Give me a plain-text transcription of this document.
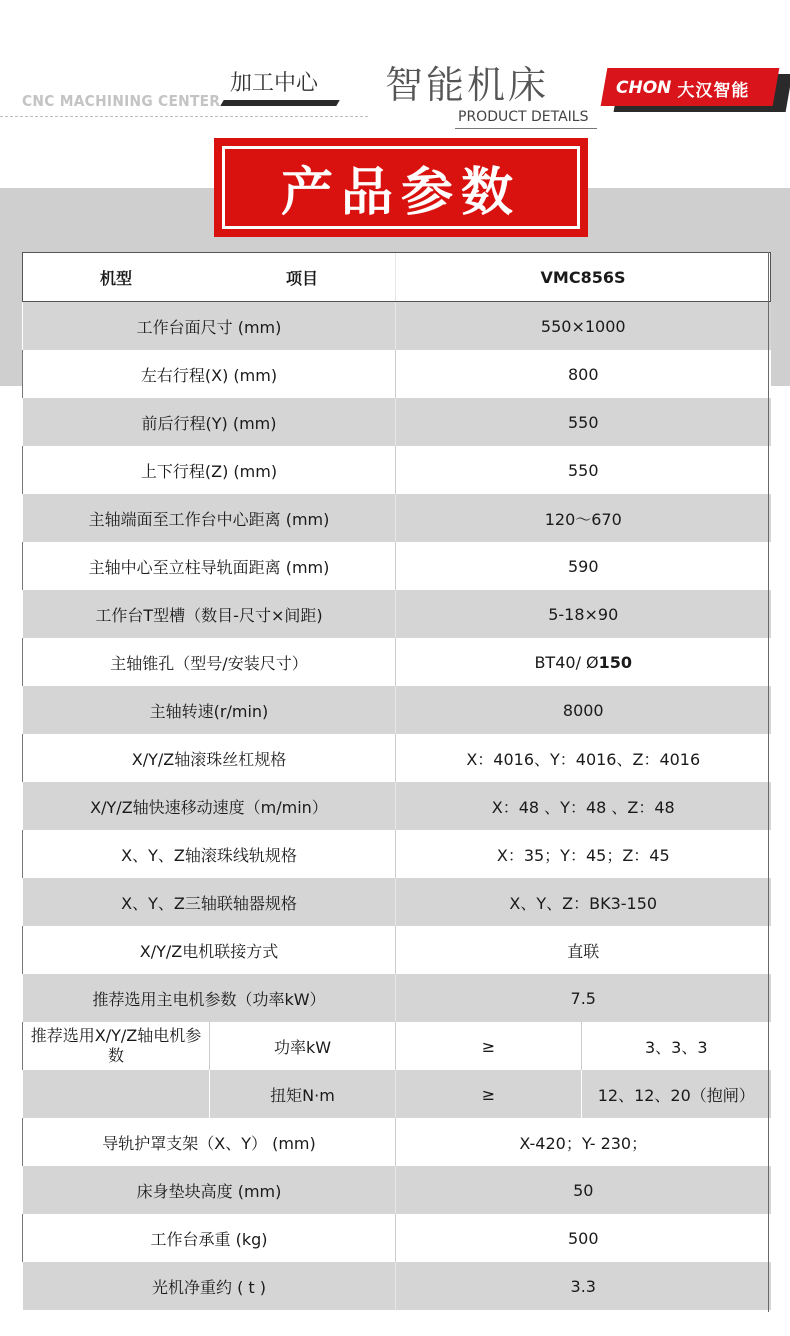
CNC MACHINING CENTER
加工中心 智能机床
PRODUCT DETAILS
CHON 大汉智能
产品参数
机型 项目		VMC856S	
工作台面尺寸 (mm)		550×1000	
左右行程(X) (mm)		800	
前后行程(Y) (mm)		550	
上下行程(Z) (mm)		550	
主轴端面至工作台中心距离 (mm)		120～670	
主轴中心至立柱导轨面距离 (mm)		590	
工作台T型槽（数目-尺寸×间距)		5-18×90	
主轴锥孔（型号/安装尺寸）		BT40/ Ø150	
主轴转速(r/min)		8000	
X/Y/Z轴滚珠丝杠规格		X：4016、Y：4016、Z：4016	
X/Y/Z轴快速移动速度（m/min）		X：48 、Y：48 、Z：48	
X、Y、Z轴滚珠线轨规格		X：35；Y：45；Z：45	
X、Y、Z三轴联轴器规格		X、Y、Z：BK3-150	
X/Y/Z电机联接方式		直联	
推荐选用主电机参数（功率kW）		7.5	
推荐选用X/Y/Z轴电机参数	功率kW	≥	3、3、3
	扭矩N·m	≥	12、12、20（抱闸）
导轨护罩支架（X、Y） (mm)		X-420；Y- 230；	
床身垫块高度 (mm)		50	
工作台承重 (kg)		500	
光机净重约 ( t )		3.3	
